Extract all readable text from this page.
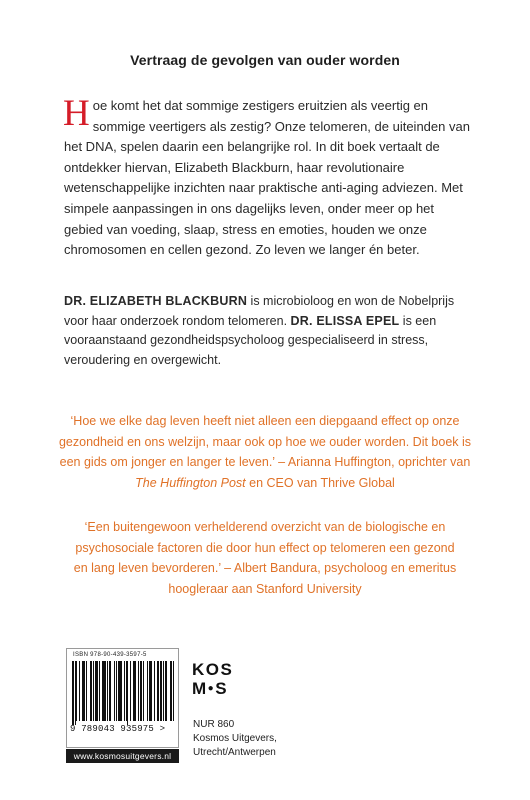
Vertraag de gevolgen van ouder worden
Hoe komt het dat sommige zestigers eruitzien als veertig en sommige veertigers als zestig? Onze telomeren, de uiteinden van het DNA, spelen daarin een belangrijke rol. In dit boek vertaalt de ontdekker hiervan, Elizabeth Blackburn, haar revolutionaire wetenschappelijke inzichten naar praktische anti-aging adviezen. Met simpele aanpassingen in ons dagelijks leven, onder meer op het gebied van voeding, slaap, stress en emoties, houden we onze chromosomen en cellen gezond. Zo leven we langer én beter.
DR. ELIZABETH BLACKBURN is microbioloog en won de Nobelprijs voor haar onderzoek rondom telomeren. DR. ELISSA EPEL is een vooraanstaand gezondheidspsycholoog gespecialiseerd in stress, veroudering en overgewicht.
‘Hoe we elke dag leven heeft niet alleen een diepgaand effect op onze
gezondheid en ons welzijn, maar ook op hoe we ouder worden. Dit boek is
een gids om jonger en langer te leven.’ – Arianna Huffington, oprichter van
The Huffington Post en CEO van Thrive Global
‘Een buitengewoon verhelderend overzicht van de biologische en
psychosociale factoren die door hun effect op telomeren een gezond
en lang leven bevorderen.’ – Albert Bandura, psycholoog en emeritus
hoogleraar aan Stanford University
ISBN 978-90-439-3597-5
9 789043 935975 >
www.kosmosuitgevers.nl
KOS
M●S
NUR 860
Kosmos Uitgevers,
Utrecht/Antwerpen
